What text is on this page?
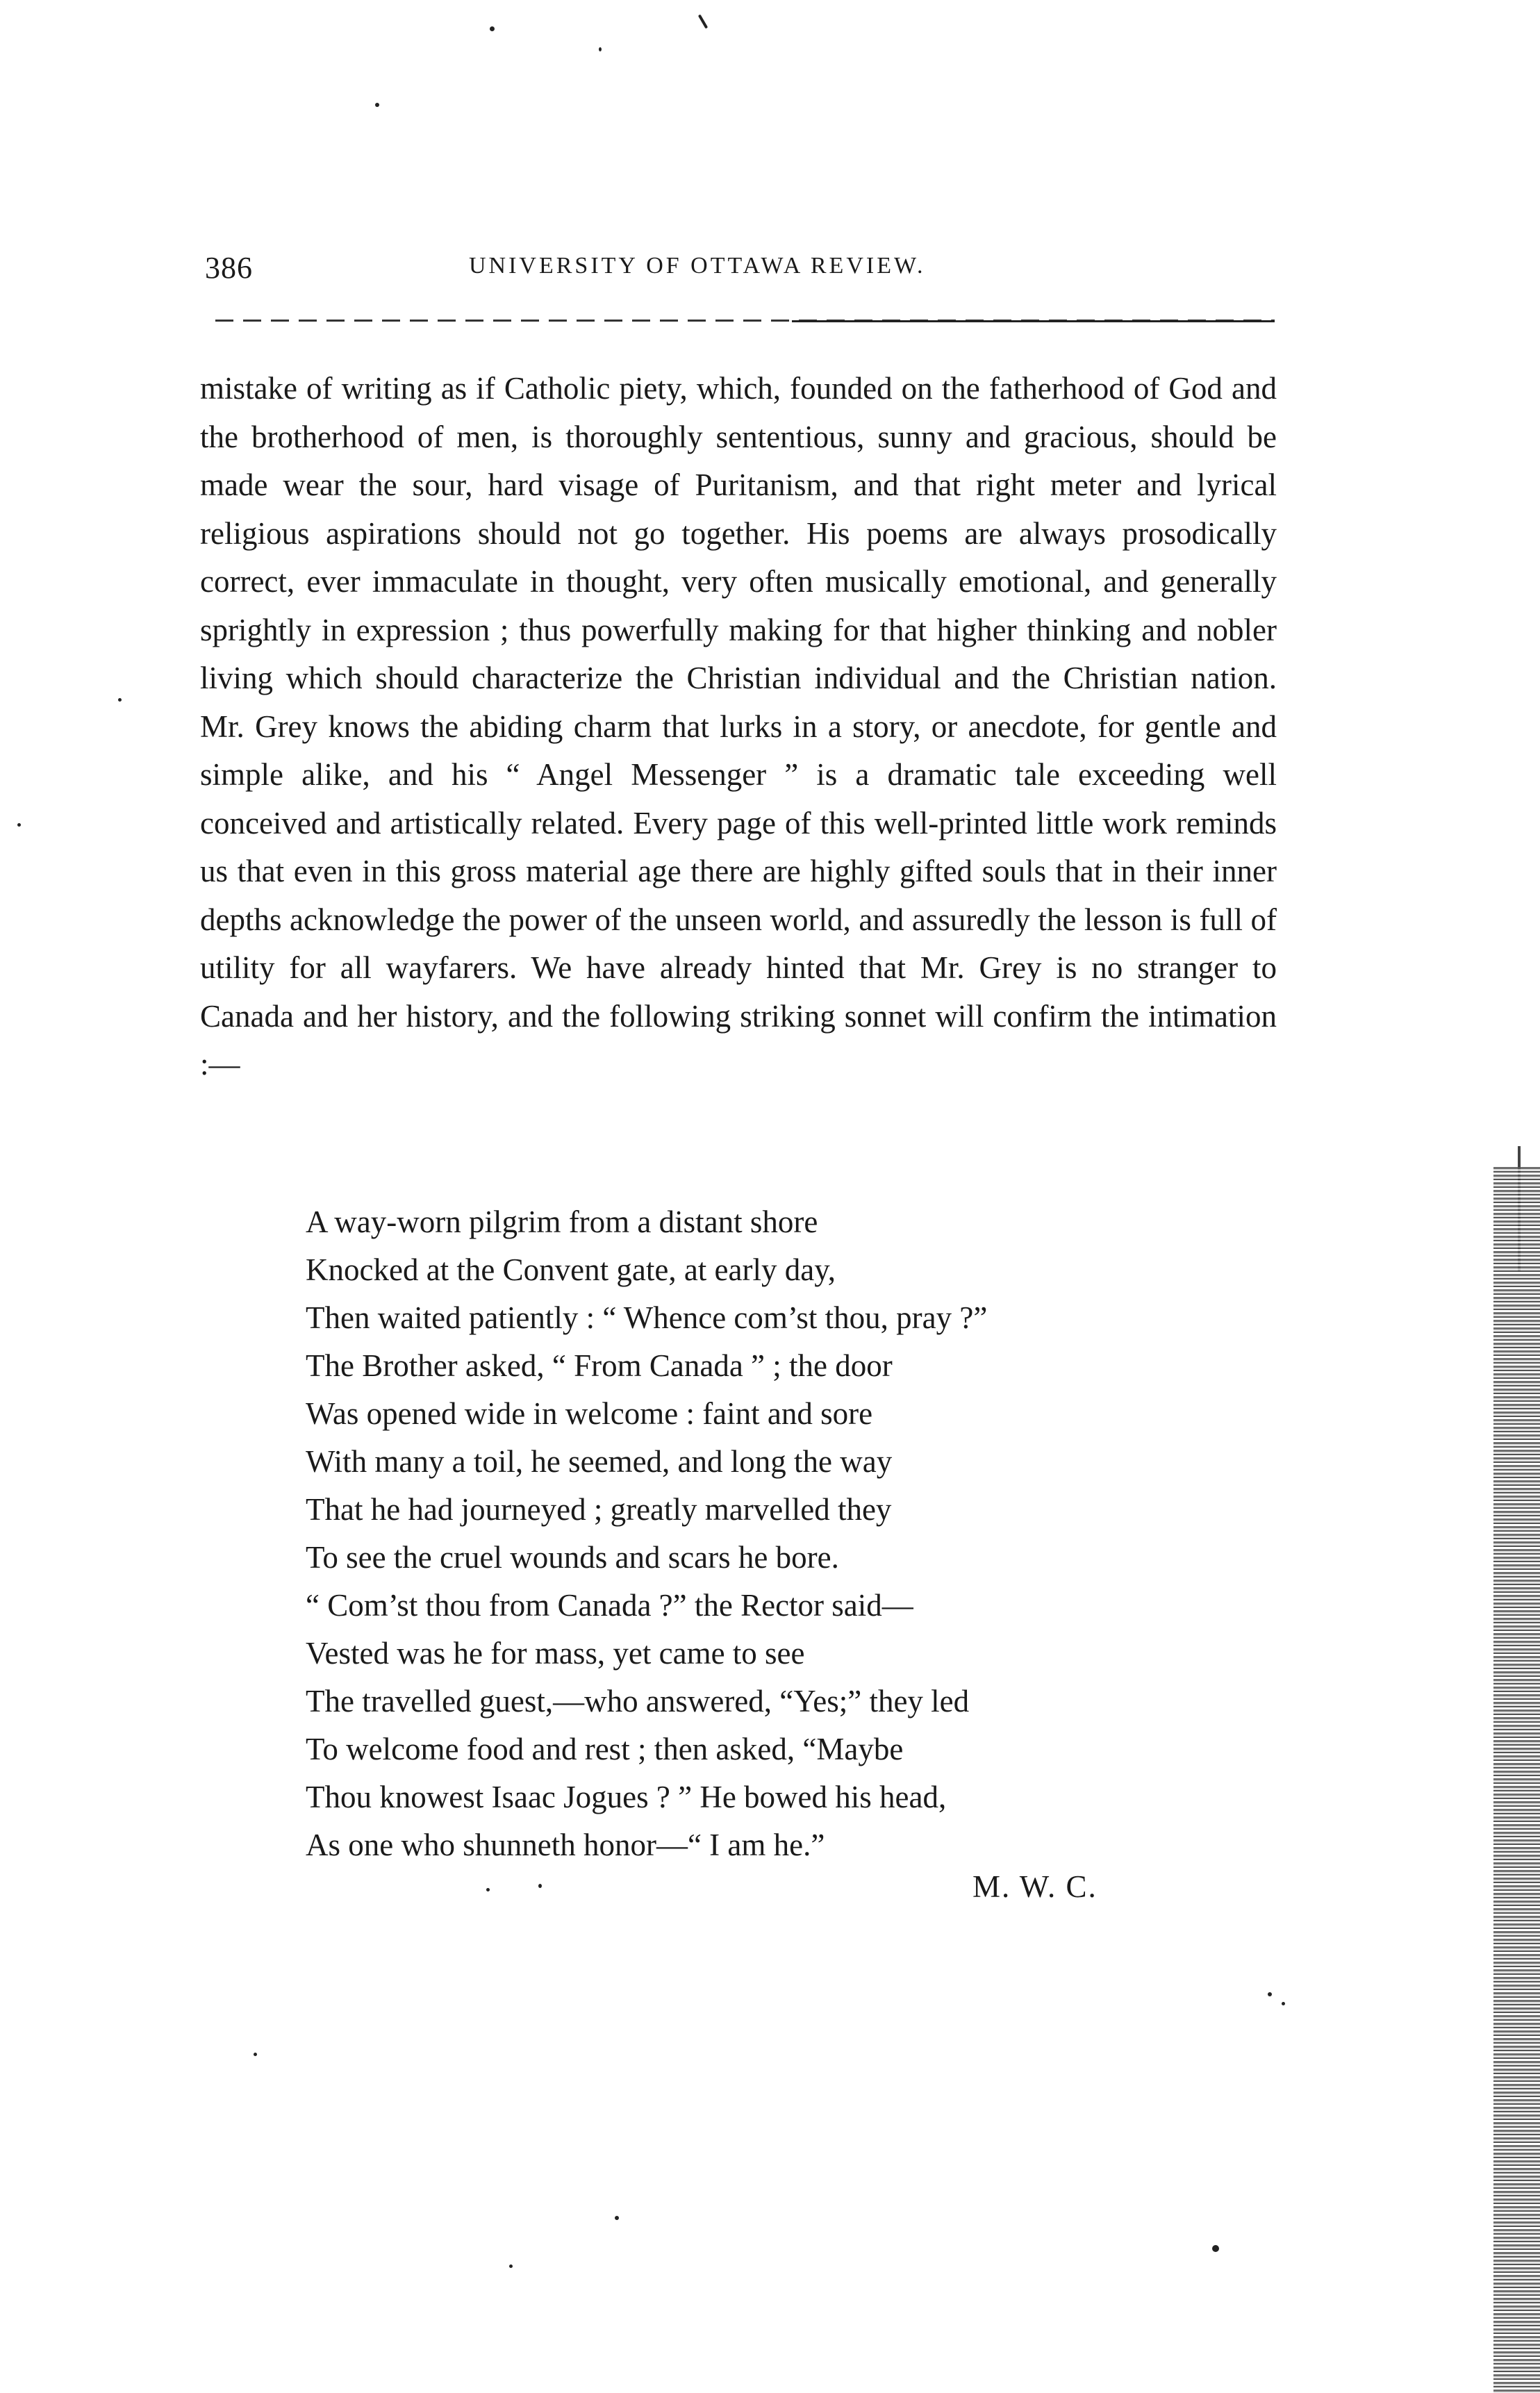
386	UNIVERSITY OF OTTAWA REVIEW.

mistake of writing as if Catholic piety, which, founded on the fatherhood of God and the brotherhood of men, is thoroughly sententious, sunny and gracious, should be made wear the sour, hard visage of Puritanism, and that right meter and lyrical religious aspirations should not go together. His poems are always prosodically correct, ever immaculate in thought, very often musically emotional, and generally sprightly in expression ; thus powerfully making for that higher thinking and nobler living which should characterize the Christian individual and the Christian nation. Mr. Grey knows the abiding charm that lurks in a story, or anecdote, for gentle and simple alike, and his “ Angel Messenger ” is a dramatic tale exceeding well conceived and artistically related. Every page of this well-printed little work reminds us that even in this gross material age there are highly gifted souls that in their inner depths acknowledge the power of the unseen world, and assuredly the lesson is full of utility for all wayfarers. We have already hinted that Mr. Grey is no stranger to Canada and her history, and the following striking sonnet will confirm the intimation :—

A way-worn pilgrim from a distant shore
Knocked at the Convent gate, at early day,
Then waited patiently : “ Whence com’st thou, pray ?”
The Brother asked, “ From Canada ” ; the door
Was opened wide in welcome : faint and sore
With many a toil, he seemed, and long the way
That he had journeyed ; greatly marvelled they
To see the cruel wounds and scars he bore.
“ Com’st thou from Canada ?” the Rector said—
Vested was he for mass, yet came to see
The travelled guest,—who answered, “Yes;” they led
To welcome food and rest ; then asked, “Maybe
Thou knowest Isaac Jogues ? ” He bowed his head,
As one who shunneth honor—“ I am he.”
M. W. C.
